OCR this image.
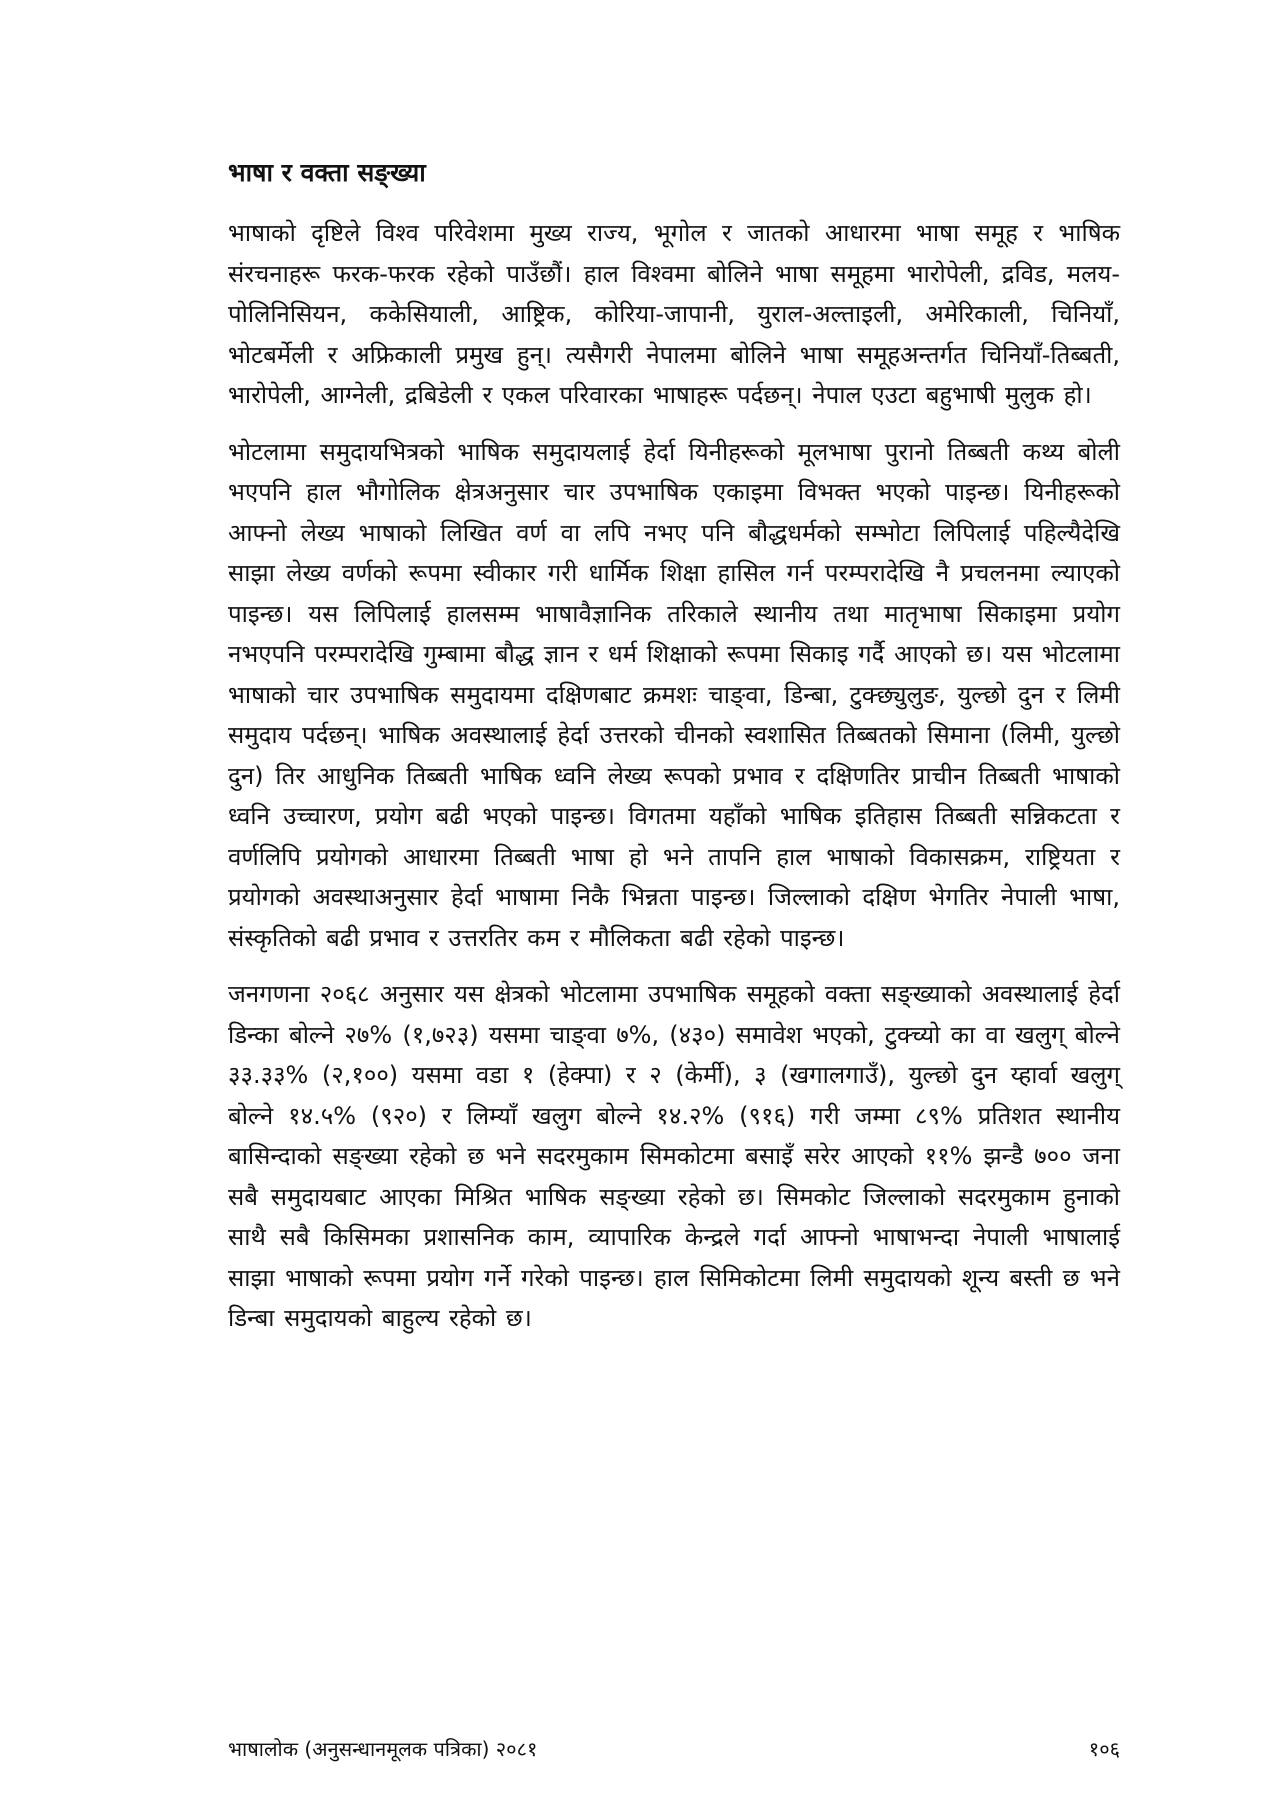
भाषा र वक्ता सङ्ख्या

भाषाको दृष्टिले विश्व परिवेशमा मुख्य राज्य, भूगोल र जातको आधारमा भाषा समूह र भाषिक संरचनाहरू फरक-फरक रहेको पाउँछौं। हाल विश्वमा बोलिने भाषा समूहमा भारोपेली, द्रविड, मलय-पोलिनिसियन, ककेसियाली, आष्ट्रिक, कोरिया-जापानी, युराल-अल्ताइली, अमेरिकाली, चिनियाँ, भोटबर्मेली र अफ्रिकाली प्रमुख हुन्। त्यसैगरी नेपालमा बोलिने भाषा समूहअन्तर्गत चिनियाँ-तिब्बती, भारोपेली, आग्नेली, द्रबिडेली र एकल परिवारका भाषाहरू पर्दछन्। नेपाल एउटा बहुभाषी मुलुक हो।

भोटलामा समुदायभित्रको भाषिक समुदायलाई हेर्दा यिनीहरूको मूलभाषा पुरानो तिब्बती कथ्य बोली भएपनि हाल भौगोलिक क्षेत्रअनुसार चार उपभाषिक एकाइमा विभक्त भएको पाइन्छ। यिनीहरूको आफ्नो लेख्य भाषाको लिखित वर्ण वा लपि नभए पनि बौद्धधर्मको सम्भोटा लिपिलाई पहिल्यैदेखि साझा लेख्य वर्णको रूपमा स्वीकार गरी धार्मिक शिक्षा हासिल गर्न परम्परादेखि नै प्रचलनमा ल्याएको पाइन्छ। यस लिपिलाई हालसम्म भाषावैज्ञानिक तरिकाले स्थानीय तथा मातृभाषा सिकाइमा प्रयोग नभएपनि परम्परादेखि गुम्बामा बौद्ध ज्ञान र धर्म शिक्षाको रूपमा सिकाइ गर्दै आएको छ। यस भोटलामा भाषाको चार उपभाषिक समुदायमा दक्षिणबाट क्रमशः चाङ्वा, डिन्बा, टुक्छ्युलुङ, युल्छो दुन र लिमी समुदाय पर्दछन्। भाषिक अवस्थालाई हेर्दा उत्तरको चीनको स्वशासित तिब्बतको सिमाना (लिमी, युल्छो दुन) तिर आधुनिक तिब्बती भाषिक ध्वनि लेख्य रूपको प्रभाव र दक्षिणतिर प्राचीन तिब्बती भाषाको ध्वनि उच्चारण, प्रयोग बढी भएको पाइन्छ। विगतमा यहाँको भाषिक इतिहास तिब्बती सन्निकटता र वर्णलिपि प्रयोगको आधारमा तिब्बती भाषा हो भने तापनि हाल भाषाको विकासक्रम, राष्ट्रियता र प्रयोगको अवस्थाअनुसार हेर्दा भाषामा निकै भिन्नता पाइन्छ। जिल्लाको दक्षिण भेगतिर नेपाली भाषा, संस्कृतिको बढी प्रभाव र उत्तरतिर कम र मौलिकता बढी रहेको पाइन्छ।

जनगणना २०६८ अनुसार यस क्षेत्रको भोटलामा उपभाषिक समूहको वक्ता सङ्ख्याको अवस्थालाई हेर्दा डिन्का बोल्ने २७% (१,७२३) यसमा चाङ्वा ७%, (४३०) समावेश भएको, टुक्च्यो का वा खलुग् बोल्ने ३३.३३% (२,१००) यसमा वडा १ (हेक्पा) र २ (केर्मी), ३ (खगालगाउँ), युल्छो दुन य्हार्वा खलुग् बोल्ने १४.५% (९२०) र लिम्याँ खलुग बोल्ने १४.२% (९१६) गरी जम्मा ८९% प्रतिशत स्थानीय बासिन्दाको सङ्ख्या रहेको छ भने सदरमुकाम सिमकोटमा बसाइँ सरेर आएको ११% झन्डै ७०० जना सबै समुदायबाट आएका मिश्रित भाषिक सङ्ख्या रहेको छ। सिमकोट जिल्लाको सदरमुकाम हुनाको साथै सबै किसिमका प्रशासनिक काम, व्यापारिक केन्द्रले गर्दा आफ्नो भाषाभन्दा नेपाली भाषालाई साझा भाषाको रूपमा प्रयोग गर्ने गरेको पाइन्छ। हाल सिमिकोटमा लिमी समुदायको शून्य बस्ती छ भने डिन्बा समुदायको बाहुल्य रहेको छ।

भाषालोक (अनुसन्धानमूलक पत्रिका) २०८१	१०६
